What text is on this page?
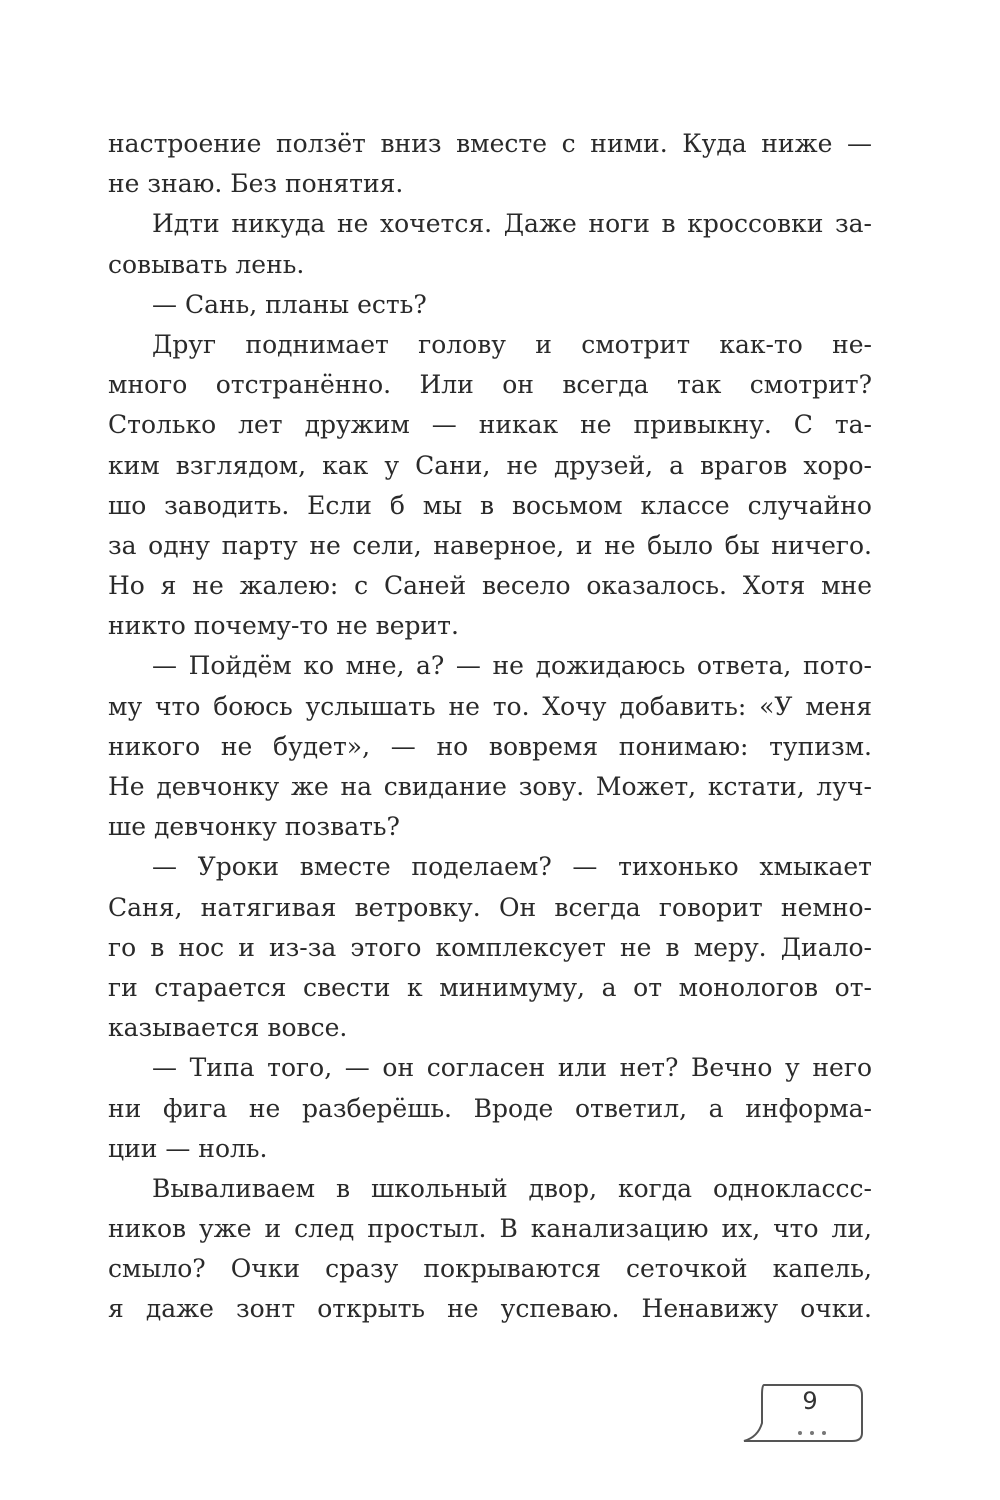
настроение ползёт вниз вместе с ними. Куда ниже —
не знаю. Без понятия.
Идти никуда не хочется. Даже ноги в кроссовки за-
совывать лень.
— Сань, планы есть?
Друг поднимает голову и смотрит как-то не-
много отстранённо. Или он всегда так смотрит?
Столько лет дружим — никак не привыкну. С та-
ким взглядом, как у Сани, не друзей, а врагов хоро-
шо заводить. Если б мы в восьмом классе случайно
за одну парту не сели, наверное, и не было бы ничего.
Но я не жалею: с Саней весело оказалось. Хотя мне
никто почему-то не верит.
— Пойдём ко мне, а? — не дожидаюсь ответа, пото-
му что боюсь услышать не то. Хочу добавить: «У меня
никого не будет», — но вовремя понимаю: тупизм.
Не девчонку же на свидание зову. Может, кстати, луч-
ше девчонку позвать?
— Уроки вместе поделаем? — тихонько хмыкает
Саня, натягивая ветровку. Он всегда говорит немно-
го в нос и из-за этого комплексует не в меру. Диало-
ги старается свести к минимуму, а от монологов от-
казывается вовсе.
— Типа того, — он согласен или нет? Вечно у него
ни фига не разберёшь. Вроде ответил, а информа-
ции — ноль.
Вываливаем в школьный двор, когда одноклассс-
ников уже и след простыл. В канализацию их, что ли,
смыло? Очки сразу покрываются сеточкой капель,
я даже зонт открыть не успеваю. Ненавижу очки.
9
